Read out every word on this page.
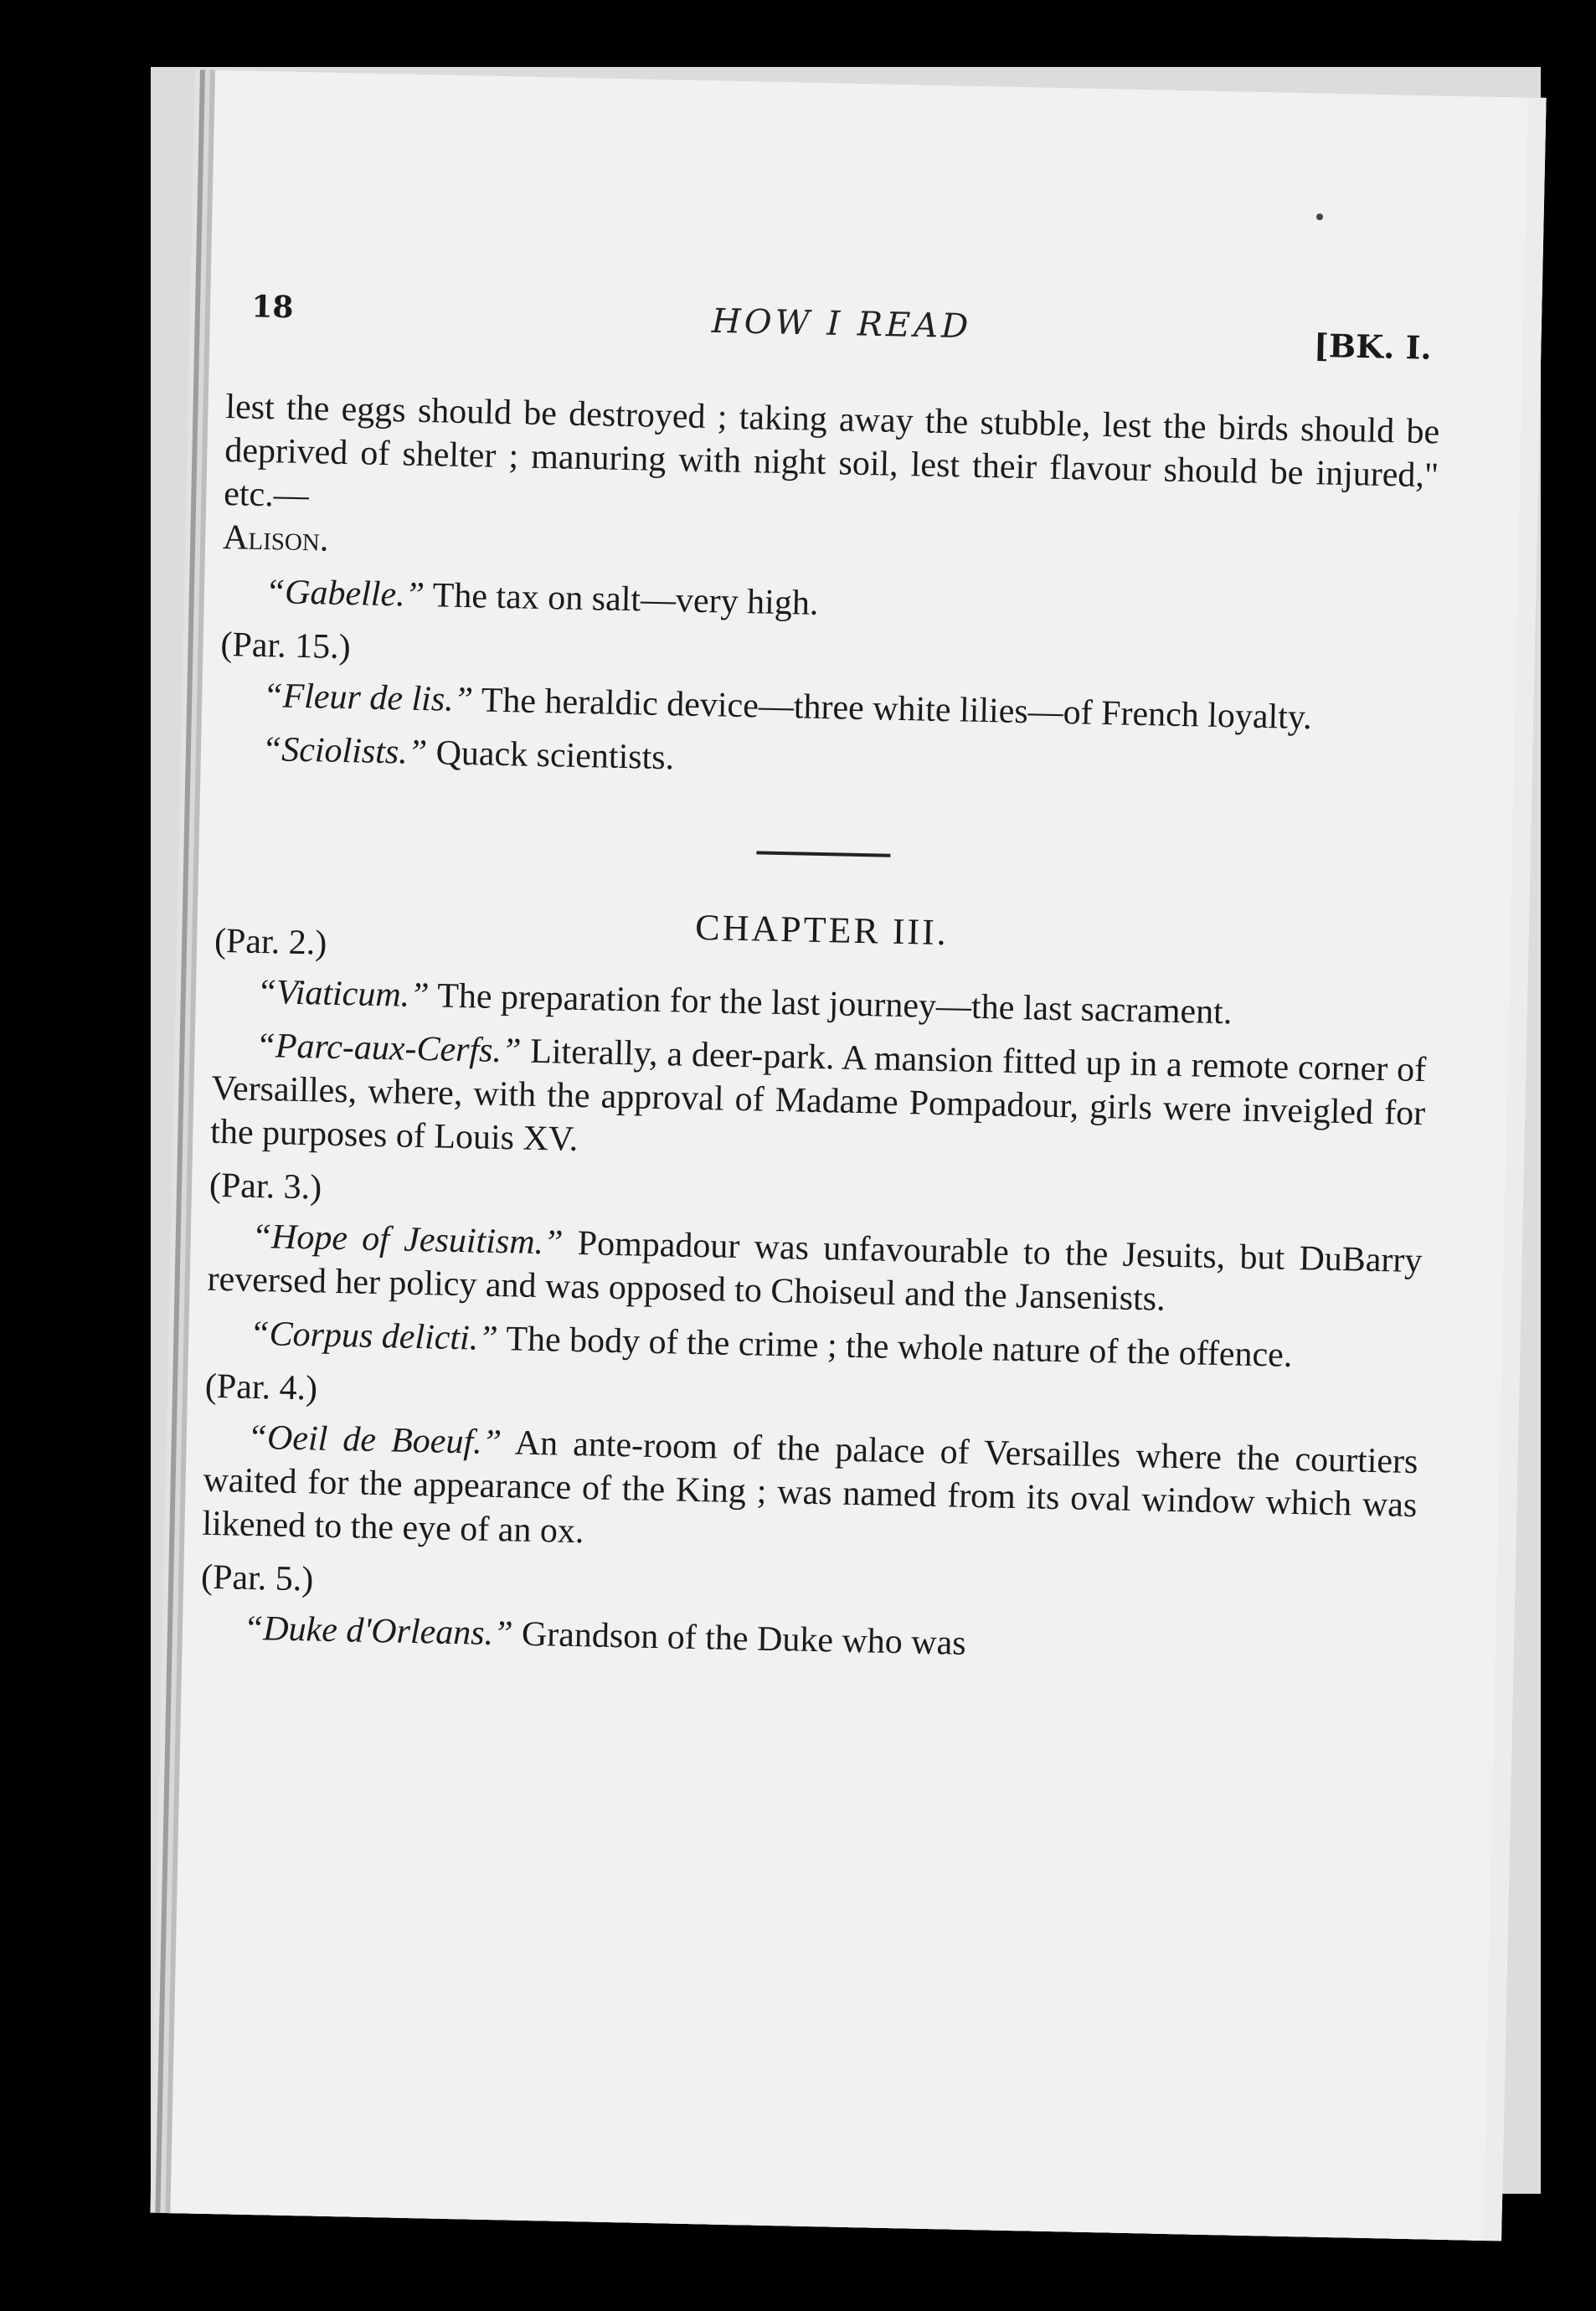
18	HOW I READ
[BK. I.

lest the eggs should be destroyed ; taking away the stubble, lest the birds should be deprived of shelter ; manuring with night soil, lest their flavour should be injured," etc.—
Alison.

“Gabelle.” The tax on salt—very high.

(Par. 15.)

“Fleur de lis.” The heraldic device—three white lilies—of French loyalty.

“Sciolists.” Quack scientists.

CHAPTER III.

(Par. 2.)

“Viaticum.” The preparation for the last journey—the last sacrament.

“Parc-aux-Cerfs.” Literally, a deer-park. A mansion fitted up in a remote corner of Versailles, where, with the approval of Madame Pompadour, girls were inveigled for the purposes of Louis XV.

(Par. 3.)

“Hope of Jesuitism.” Pompadour was unfavourable to the Jesuits, but DuBarry reversed her policy and was opposed to Choiseul and the Jansenists.

“Corpus delicti.” The body of the crime ; the whole nature of the offence.

(Par. 4.)

“Oeil de Boeuf.” An ante-room of the palace of Versailles where the courtiers waited for the appearance of the King ; was named from its oval window which was likened to the eye of an ox.

(Par. 5.)

“Duke d'Orleans.” Grandson of the Duke who was
